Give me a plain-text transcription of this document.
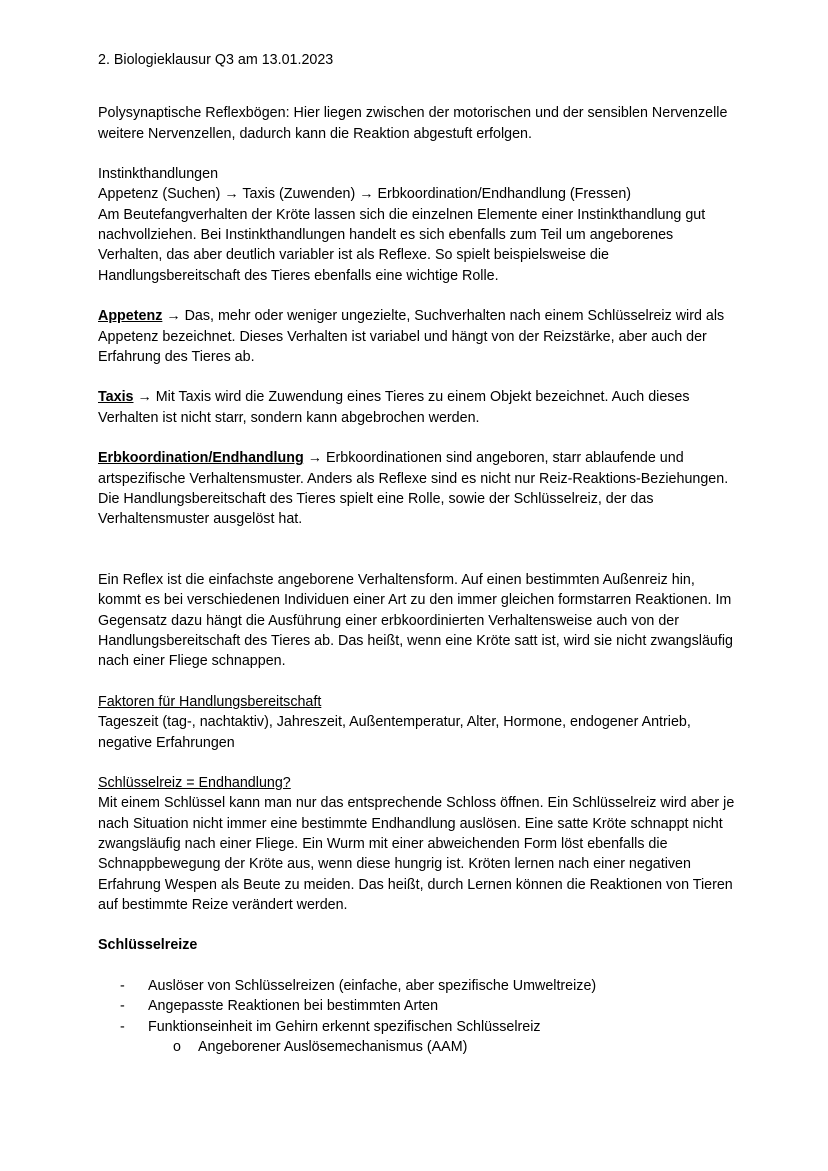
2. Biologieklausur Q3 am 13.01.2023

Polysynaptische Reflexbögen: Hier liegen zwischen der motorischen und der sensiblen Nervenzelle weitere Nervenzellen, dadurch kann die Reaktion abgestuft erfolgen.

Instinkthandlungen
Appetenz (Suchen) → Taxis (Zuwenden) → Erbkoordination/Endhandlung (Fressen)

Am Beutefangverhalten der Kröte lassen sich die einzelnen Elemente einer Instinkthandlung gut nachvollziehen. Bei Instinkthandlungen handelt es sich ebenfalls zum Teil um angeborenes Verhalten, das aber deutlich variabler ist als Reflexe. So spielt beispielsweise die Handlungsbereitschaft des Tieres ebenfalls eine wichtige Rolle.

Appetenz → Das, mehr oder weniger ungezielte, Suchverhalten nach einem Schlüsselreiz wird als Appetenz bezeichnet. Dieses Verhalten ist variabel und hängt von der Reizstärke, aber auch der Erfahrung des Tieres ab.

Taxis → Mit Taxis wird die Zuwendung eines Tieres zu einem Objekt bezeichnet. Auch dieses Verhalten ist nicht starr, sondern kann abgebrochen werden.

Erbkoordination/Endhandlung → Erbkoordinationen sind angeboren, starr ablaufende und artspezifische Verhaltensmuster. Anders als Reflexe sind es nicht nur Reiz-Reaktions-Beziehungen. Die Handlungsbereitschaft des Tieres spielt eine Rolle, sowie der Schlüsselreiz, der das Verhaltensmuster ausgelöst hat.

Ein Reflex ist die einfachste angeborene Verhaltensform. Auf einen bestimmten Außenreiz hin, kommt es bei verschiedenen Individuen einer Art zu den immer gleichen formstarren Reaktionen. Im Gegensatz dazu hängt die Ausführung einer erbkoordinierten Verhaltensweise auch von der Handlungsbereitschaft des Tieres ab. Das heißt, wenn eine Kröte satt ist, wird sie nicht zwangsläufig nach einer Fliege schnappen.

Faktoren für Handlungsbereitschaft

Tageszeit (tag-, nachtaktiv), Jahreszeit, Außentemperatur, Alter, Hormone, endogener Antrieb, negative Erfahrungen

Schlüsselreiz = Endhandlung?

Mit einem Schlüssel kann man nur das entsprechende Schloss öffnen. Ein Schlüsselreiz wird aber je nach Situation nicht immer eine bestimmte Endhandlung auslösen. Eine satte Kröte schnappt nicht zwangsläufig nach einer Fliege. Ein Wurm mit einer abweichenden Form löst ebenfalls die Schnappbewegung der Kröte aus, wenn diese hungrig ist. Kröten lernen nach einer negativen Erfahrung Wespen als Beute zu meiden. Das heißt, durch Lernen können die Reaktionen von Tieren auf bestimmte Reize verändert werden.

Schlüsselreize
- Auslöser von Schlüsselreizen (einfache, aber spezifische Umweltreize)
- Angepasste Reaktionen bei bestimmten Arten
- Funktionseinheit im Gehirn erkennt spezifischen Schlüsselreiz
o Angeborener Auslösemechanismus (AAM)
